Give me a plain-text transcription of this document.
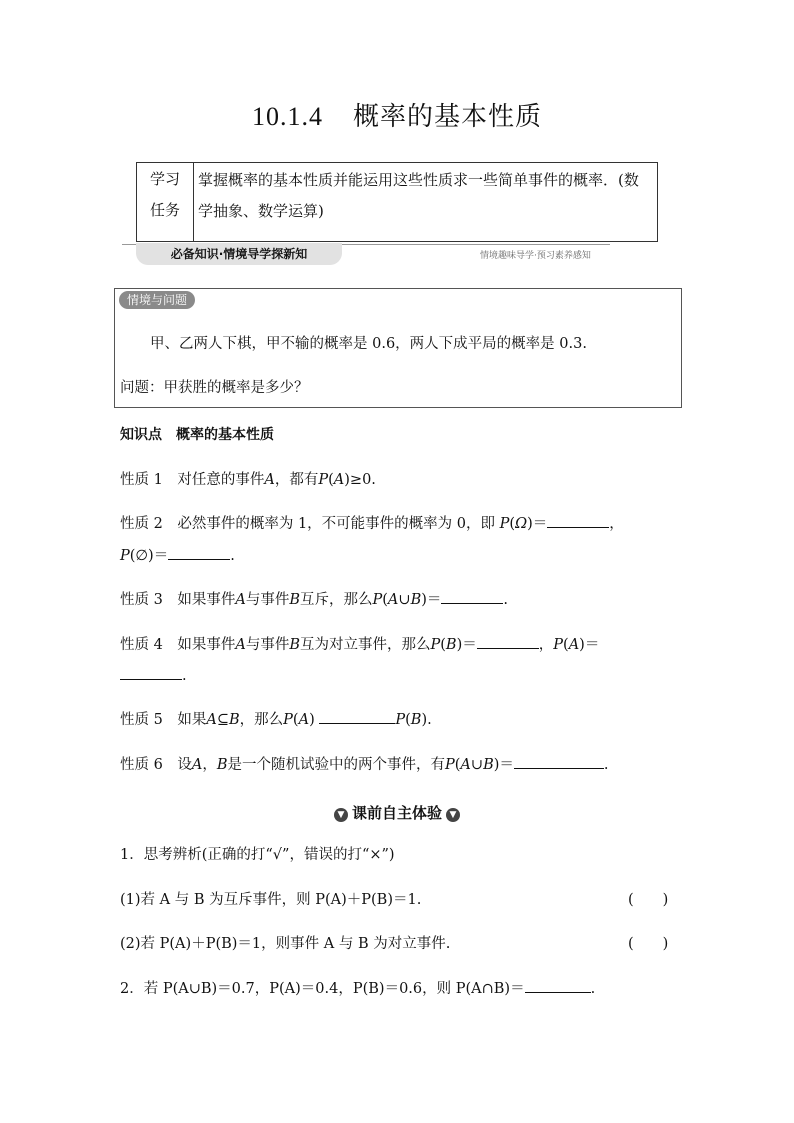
10.1.4 概率的基本性质
学习
任务
	掌握概率的基本性质并能运用这些性质求一些简单事件的概率．(数学抽象、数学运算)
必备知识·情境导学探新知	情境趣味导学·预习素养感知
情境与问题
甲、乙两人下棋，甲不输的概率是 0.6，两人下成平局的概率是 0.3.
问题：甲获胜的概率是多少？
知识点　概率的基本性质
性质 1　 对任意的事件A，都有P(A)≥0.
性质 2　 必然事件的概率为 1，不可能事件的概率为 0，即 P(Ω)＝	，
P(∅)＝	.
性质 3　 如果事件A与事件B互斥，那么P(A∪B)＝	.
性质 4　 如果事件A与事件B互为对立事件，那么P(B)＝	，P(A)＝
.
性质 5　 如果A⊆B，那么P(A)	P(B).
性质 6　 设A，B是一个随机试验中的两个事件，有P(A∪B)＝	.
▼ 课前自主体验 ▼
1．思考辨析(正确的打“√”，错误的打“×”)
(1)若 A 与 B 为互斥事件，则 P(A)＋P(B)＝1.	(　　)
(2)若 P(A)＋P(B)＝1，则事件 A 与 B 为对立事件.	(　　)
2．若 P(A∪B)＝0.7，P(A)＝0.4，P(B)＝0.6，则 P(A∩B)＝	.
